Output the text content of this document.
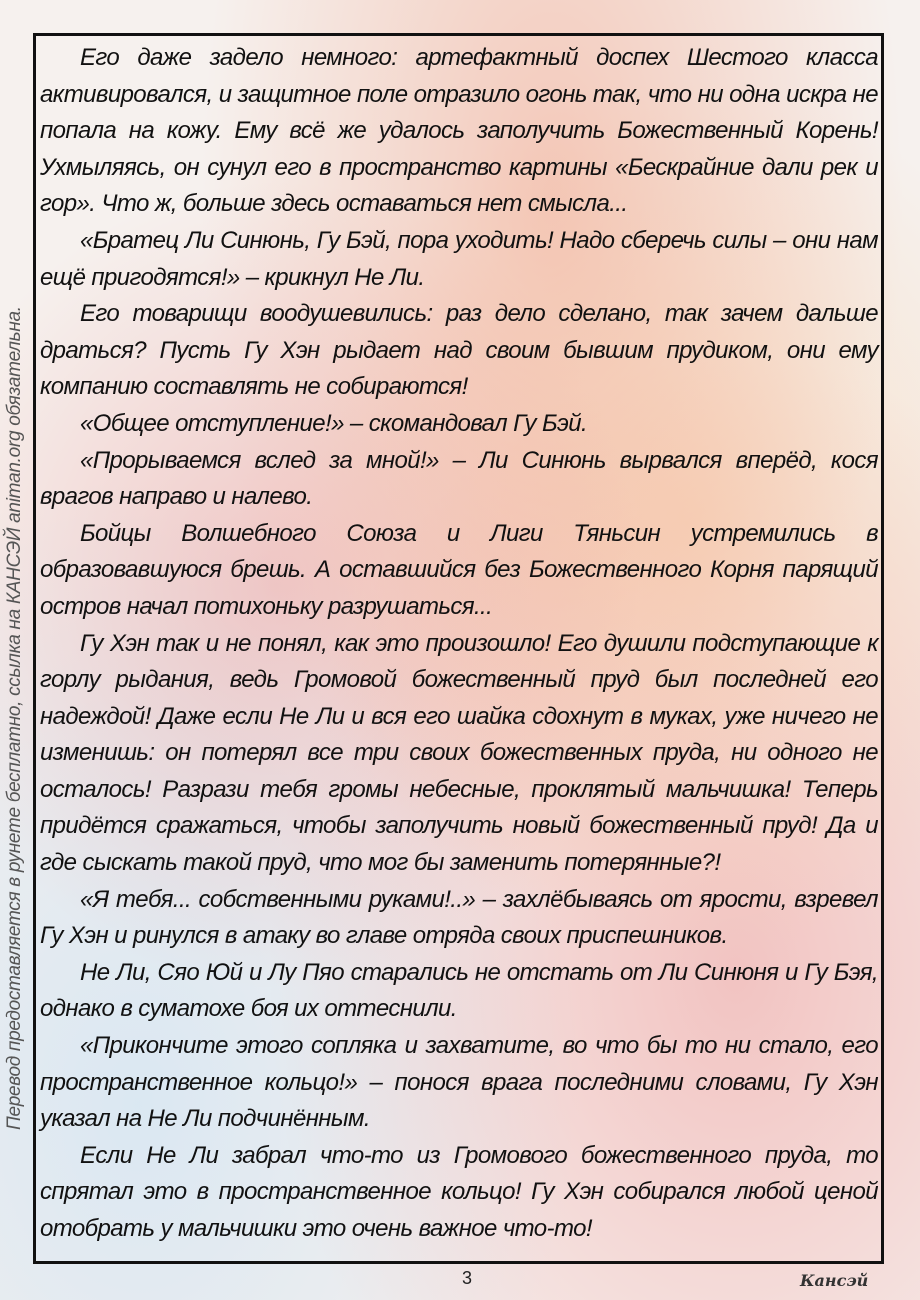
Его даже задело немного: артефактный доспех Шестого класса активировался, и защитное поле отразило огонь так, что ни одна искра не попала на кожу. Ему всё же удалось заполучить Божественный Корень! Ухмыляясь, он сунул его в пространство картины «Бескрайние дали рек и гор». Что ж, больше здесь оставаться нет смысла...

«Братец Ли Синюнь, Гу Бэй, пора уходить! Надо сберечь силы – они нам ещё пригодятся!» – крикнул Не Ли.

Его товарищи воодушевились: раз дело сделано, так зачем дальше драться? Пусть Гу Хэн рыдает над своим бывшим прудиком, они ему компанию составлять не собираются!

«Общее отступление!» – скомандовал Гу Бэй.

«Прорываемся вслед за мной!» – Ли Синюнь вырвался вперёд, кося врагов направо и налево.

Бойцы Волшебного Союза и Лиги Тяньсин устремились в образовавшуюся брешь. А оставшийся без Божественного Корня парящий остров начал потихоньку разрушаться...

Гу Хэн так и не понял, как это произошло! Его душили подступающие к горлу рыдания, ведь Громовой божественный пруд был последней его надеждой! Даже если Не Ли и вся его шайка сдохнут в муках, уже ничего не изменишь: он потерял все три своих божественных пруда, ни одного не осталось! Разрази тебя громы небесные, проклятый мальчишка! Теперь придётся сражаться, чтобы заполучить новый божественный пруд! Да и где сыскать такой пруд, что мог бы заменить потерянные?!

«Я тебя... собственными руками!..» – захлёбываясь от ярости, взревел Гу Хэн и ринулся в атаку во главе отряда своих приспешников.

Не Ли, Сяо Юй и Лу Пяо старались не отстать от Ли Синюня и Гу Бэя, однако в суматохе боя их оттеснили.

«Прикончите этого сопляка и захватите, во что бы то ни стало, его пространственное кольцо!» – понося врага последними словами, Гу Хэн указал на Не Ли подчинённым.

Если Не Ли забрал что-то из Громового божественного пруда, то спрятал это в пространственное кольцо! Гу Хэн собирался любой ценой отобрать у мальчишки это очень важное что-то!

Перевод предоставляется в рунете бесплатно, ссылка на КАНСЭЙ animan.org обязательна.
3	Кансэй
